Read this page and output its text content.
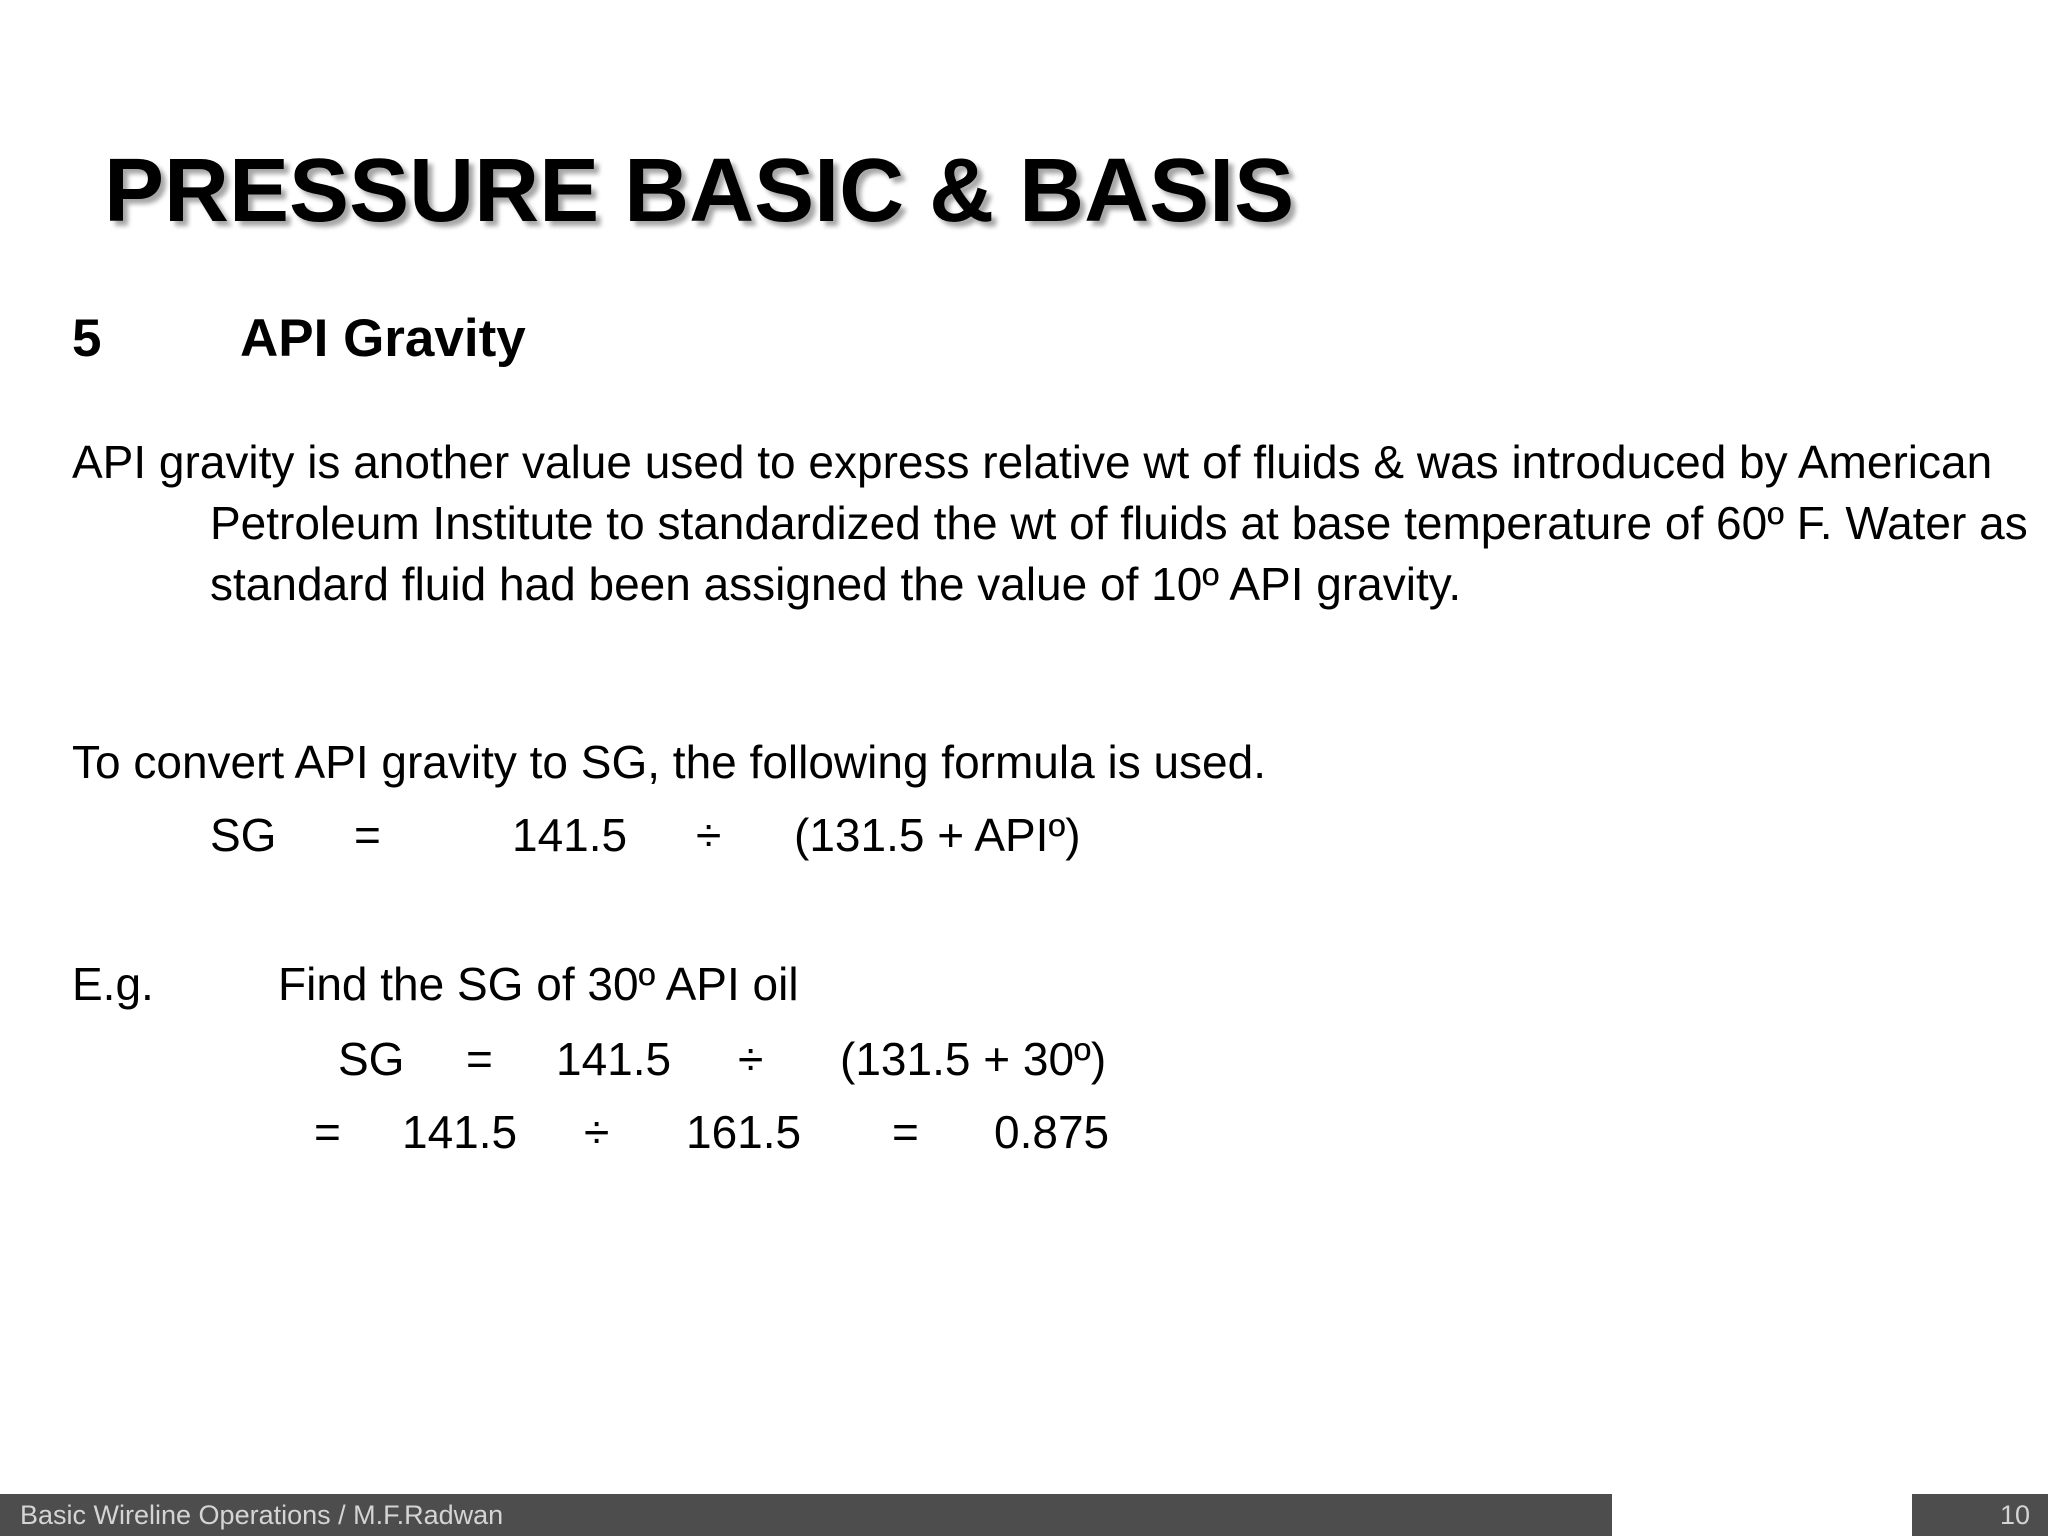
PRESSURE BASIC & BASIS
5	API Gravity

API gravity is another value used to express relative wt of fluids & was introduced by American Petroleum Institute to standardized the wt of fluids at base temperature of 60º F. Water as standard fluid had been assigned the value of 10º API gravity.

To convert API gravity to SG, the following formula is used.

SG =	141.5 ÷ (131.5 + APIº)
E.g.	Find the SG of 30º API oil
SG = 141.5 ÷ (131.5 + 30º)
= 141.5 ÷ 161.5 = 0.875
Basic Wireline Operations / M.F.Radwan	10
